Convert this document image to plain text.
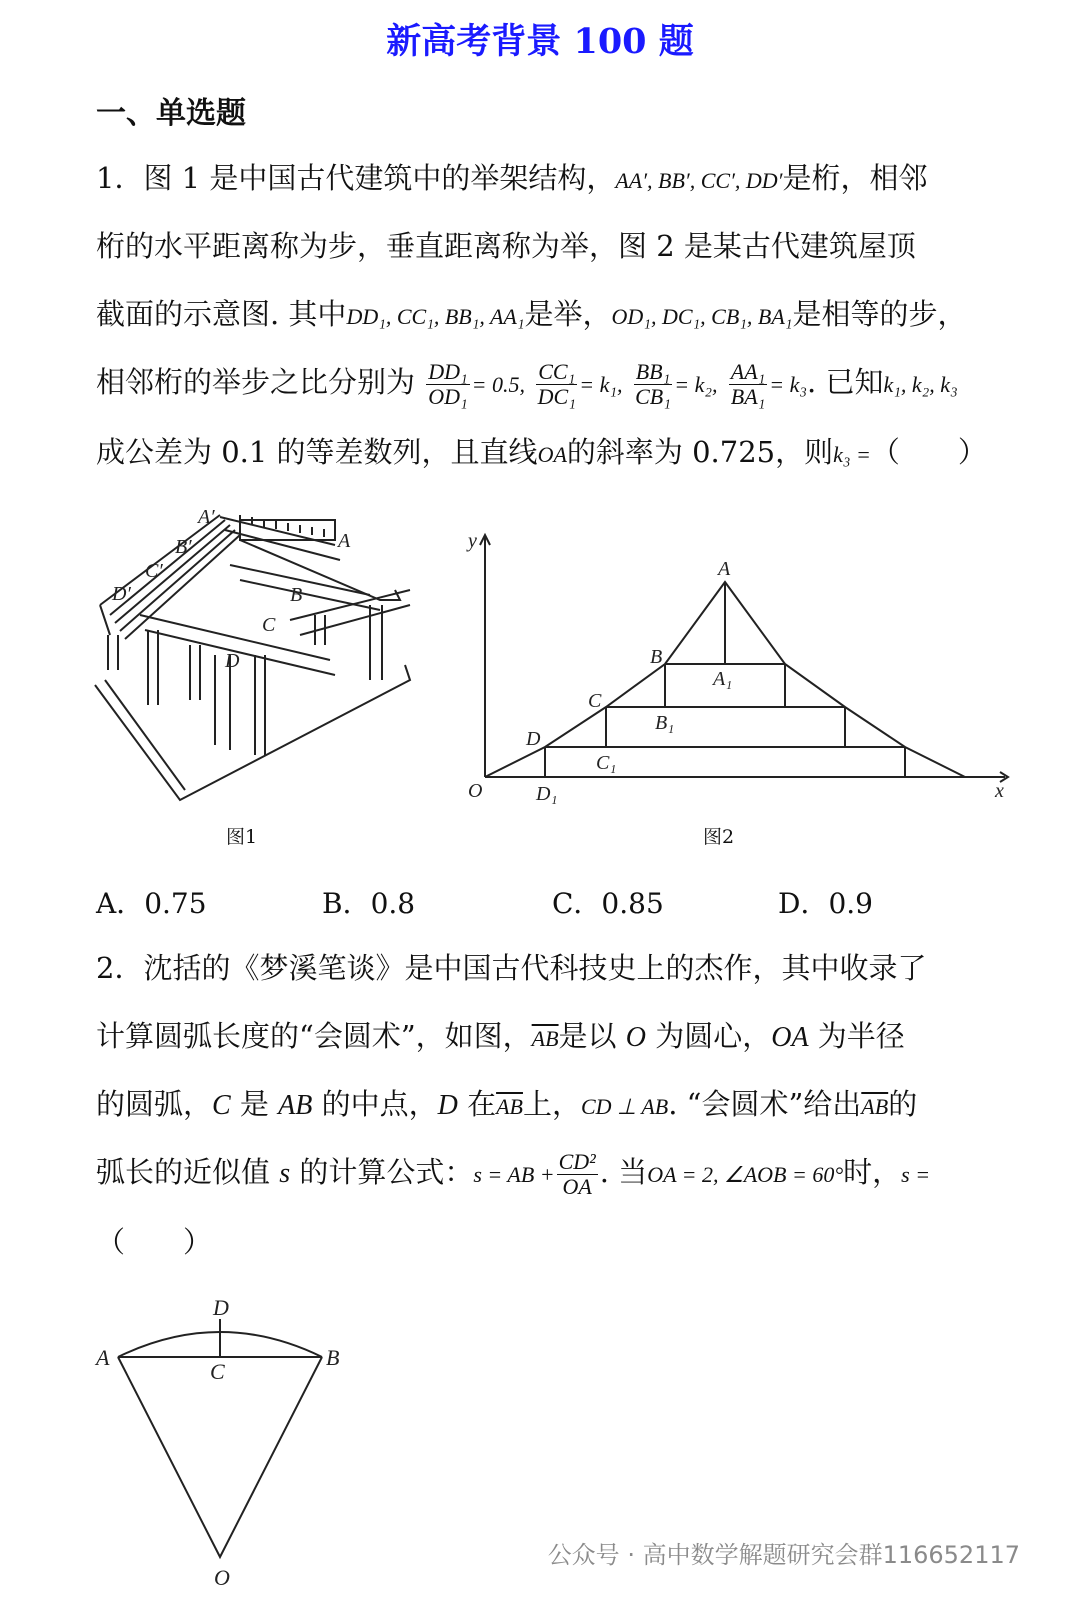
新高考背景 100 题
一、单选题
1．图 1 是中国古代建筑中的举架结构，AA′, BB′, CC′, DD′是桁，相邻
桁的水平距离称为步，垂直距离称为举，图 2 是某古代建筑屋顶
截面的示意图. 其中DD₁, CC₁, BB₁, AA₁是举，OD₁, DC₁, CB₁, BA₁是相等的步，
相邻桁的举步之比分别为 $\frac{\text{DD₁}}{\text{OD₁}} = 0.5$, $\frac{\text{CC₁}}{\text{DC₁}} = k_1$, $\frac{\text{BB₁}}{\text{CB₁}} = k_2$, $\frac{\text{AA₁}}{\text{BA₁}} = k_3$. 已知k₁, k₂, k₃
成公差为 0.1 的等差数列，且直线OA的斜率为 0.725，则k₃ =（　　）
A′
B′
C′
D′
A
B
C
D
图1
y
x
O
A
B
C
D
A₁
B₁
C₁
D₁
图2
A．0.75	B．0.8	C．0.85	D．0.9
2．沈括的《梦溪笔谈》是中国古代科技史上的杰作，其中收录了
计算圆弧长度的“会圆术”，如图，$\overline{AB}$是以 O 为圆心，OA 为半径
的圆弧，C 是 AB 的中点，D 在$\overline{AB}$上，CD ⊥ AB. “会圆术”给出$\overline{AB}$的
弧长的近似值 s 的计算公式：s = AB + $\frac{\text{CD²}}{OA}$ . 当OA = 2, ∠AOB = 60°时，s =
（　　）
A	B
C
D
O
公众号 · 高中数学解题研究会群116652117
